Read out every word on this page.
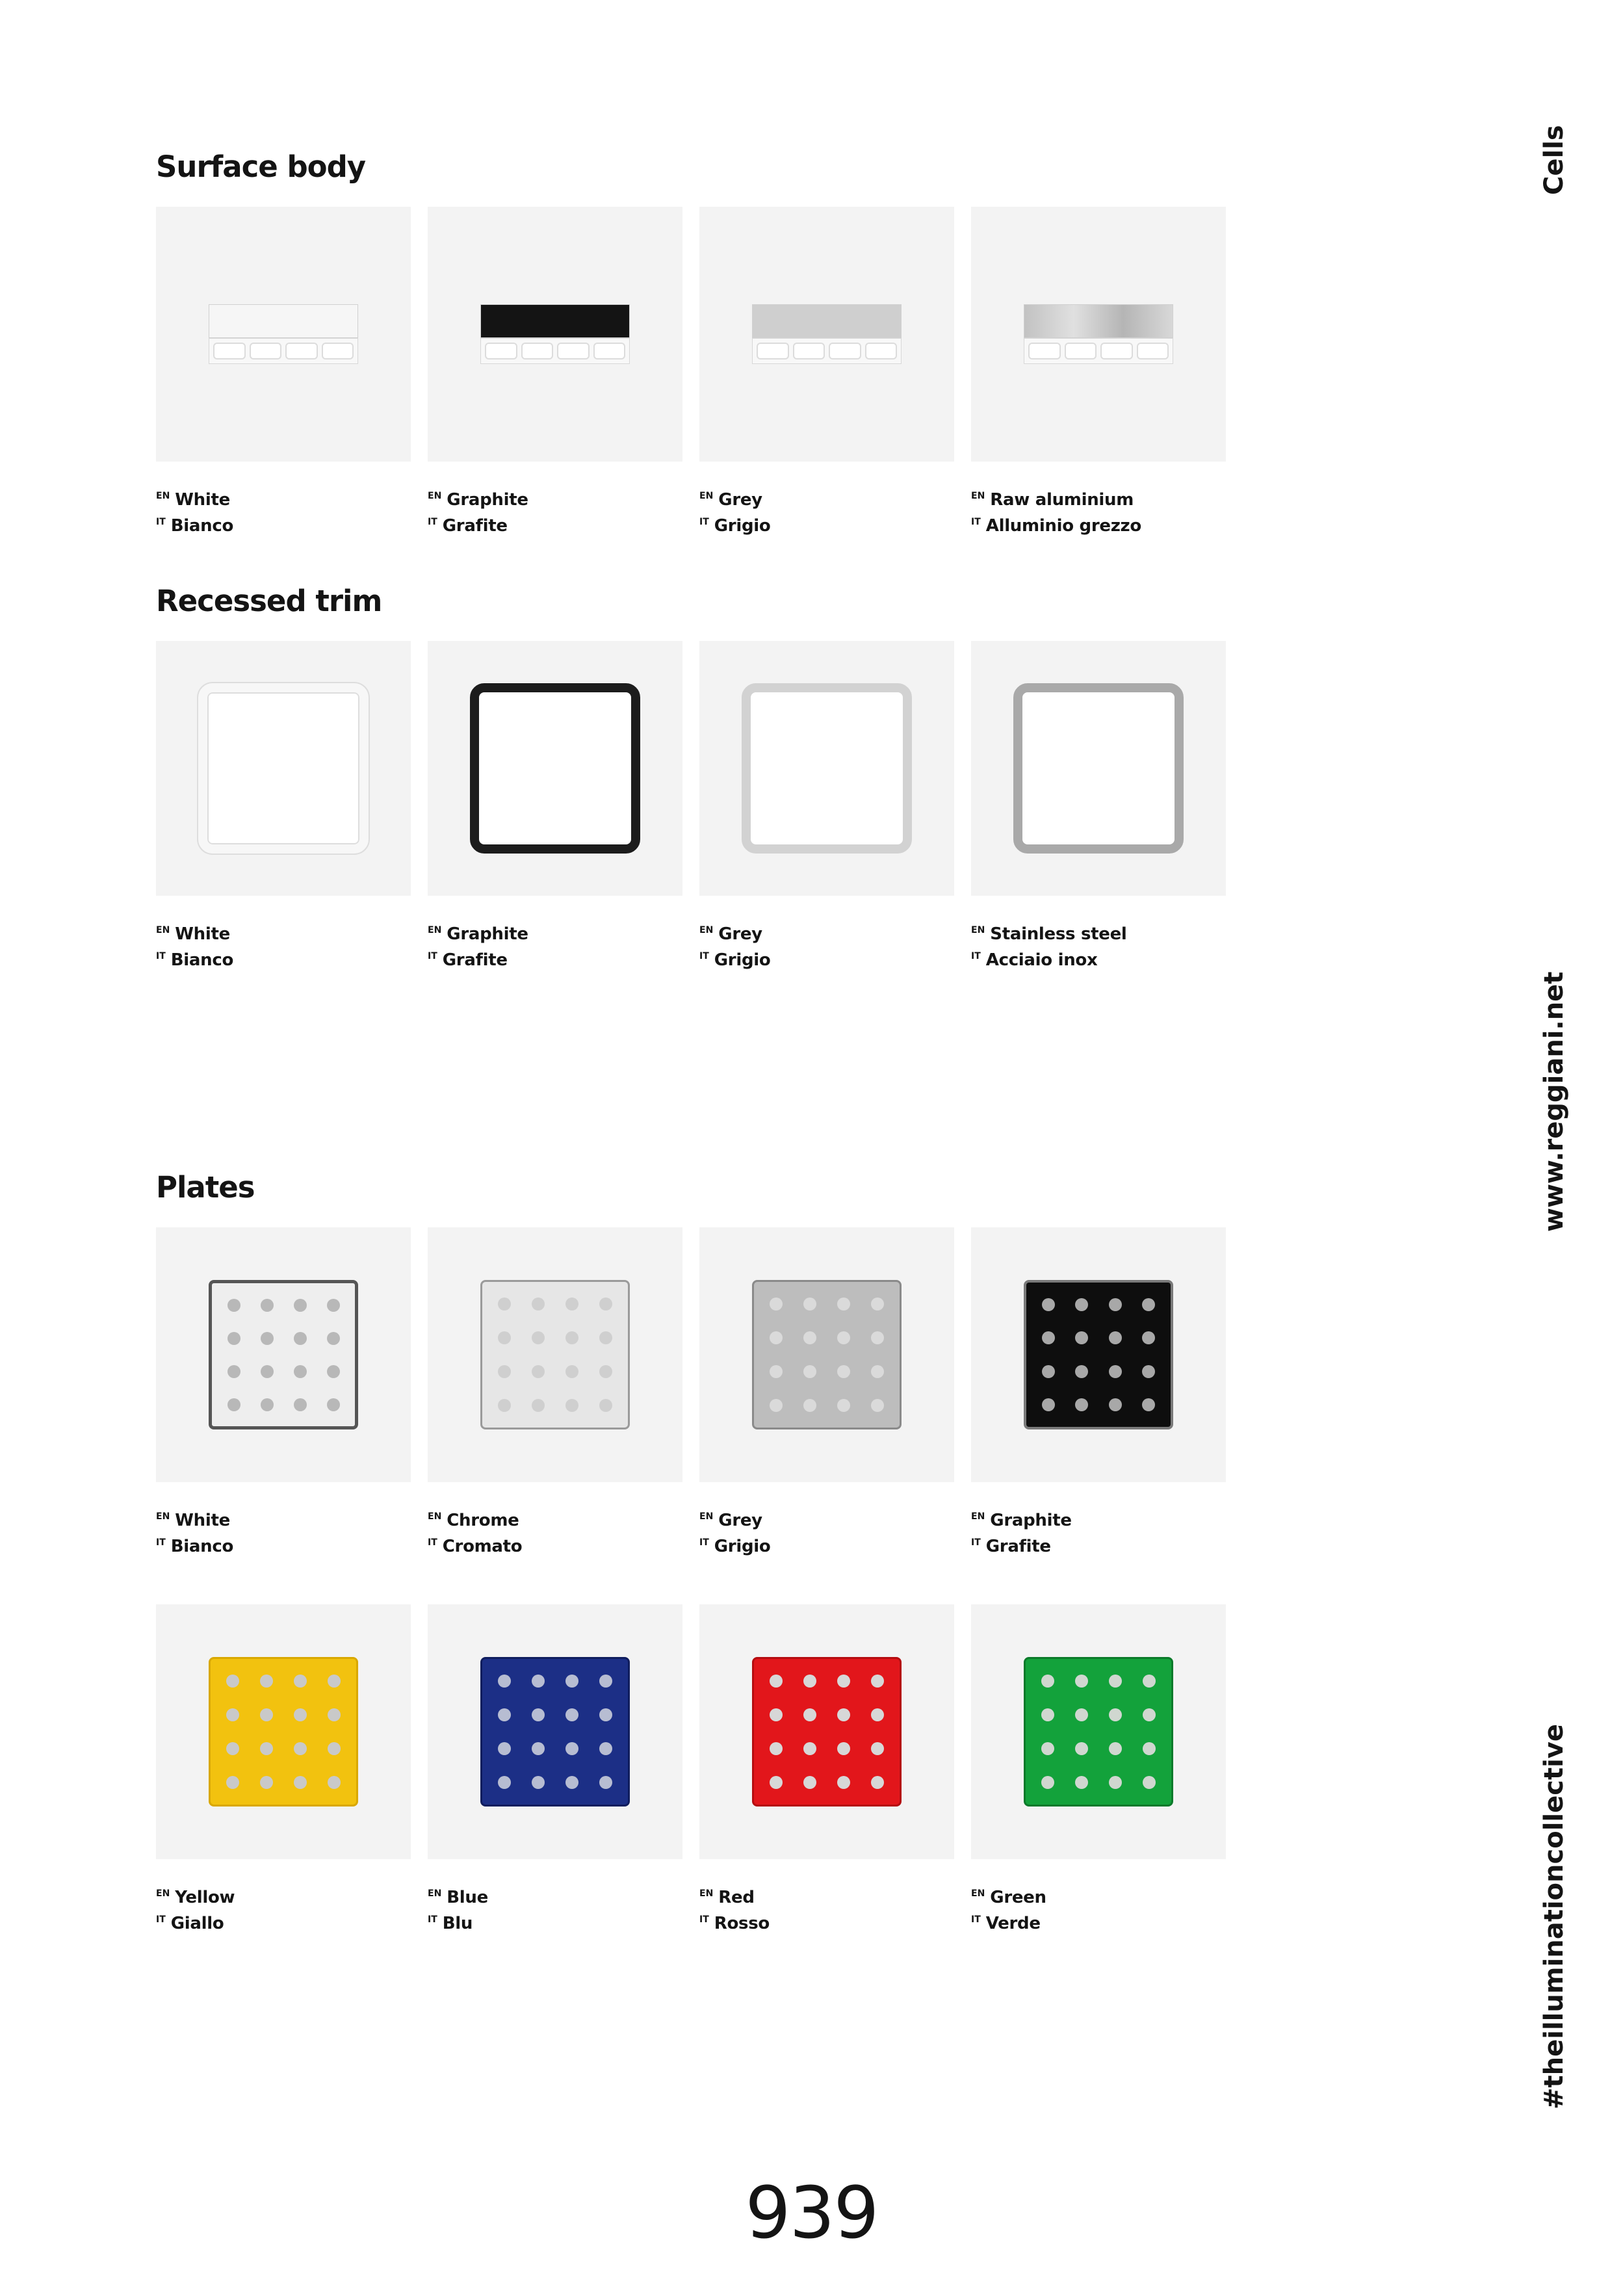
Cells
www.reggiani.net
#theilluminationcollective
Surface body
$^{EN}$ White
$^{IT}$ Bianco
$^{EN}$ Graphite
$^{IT}$ Grafite
$^{EN}$ Grey
$^{IT}$ Grigio
$^{EN}$ Raw aluminium
$^{IT}$ Alluminio grezzo
Recessed trim
$^{EN}$ White
$^{IT}$ Bianco
$^{EN}$ Graphite
$^{IT}$ Grafite
$^{EN}$ Grey
$^{IT}$ Grigio
$^{EN}$ Stainless steel
$^{IT}$ Acciaio inox
Plates
$^{EN}$ White
$^{IT}$ Bianco
$^{EN}$ Chrome
$^{IT}$ Cromato
$^{EN}$ Grey
$^{IT}$ Grigio
$^{EN}$ Graphite
$^{IT}$ Grafite
$^{EN}$ Yellow
$^{IT}$ Giallo
$^{EN}$ Blue
$^{IT}$ Blu
$^{EN}$ Red
$^{IT}$ Rosso
$^{EN}$ Green
$^{IT}$ Verde
939
